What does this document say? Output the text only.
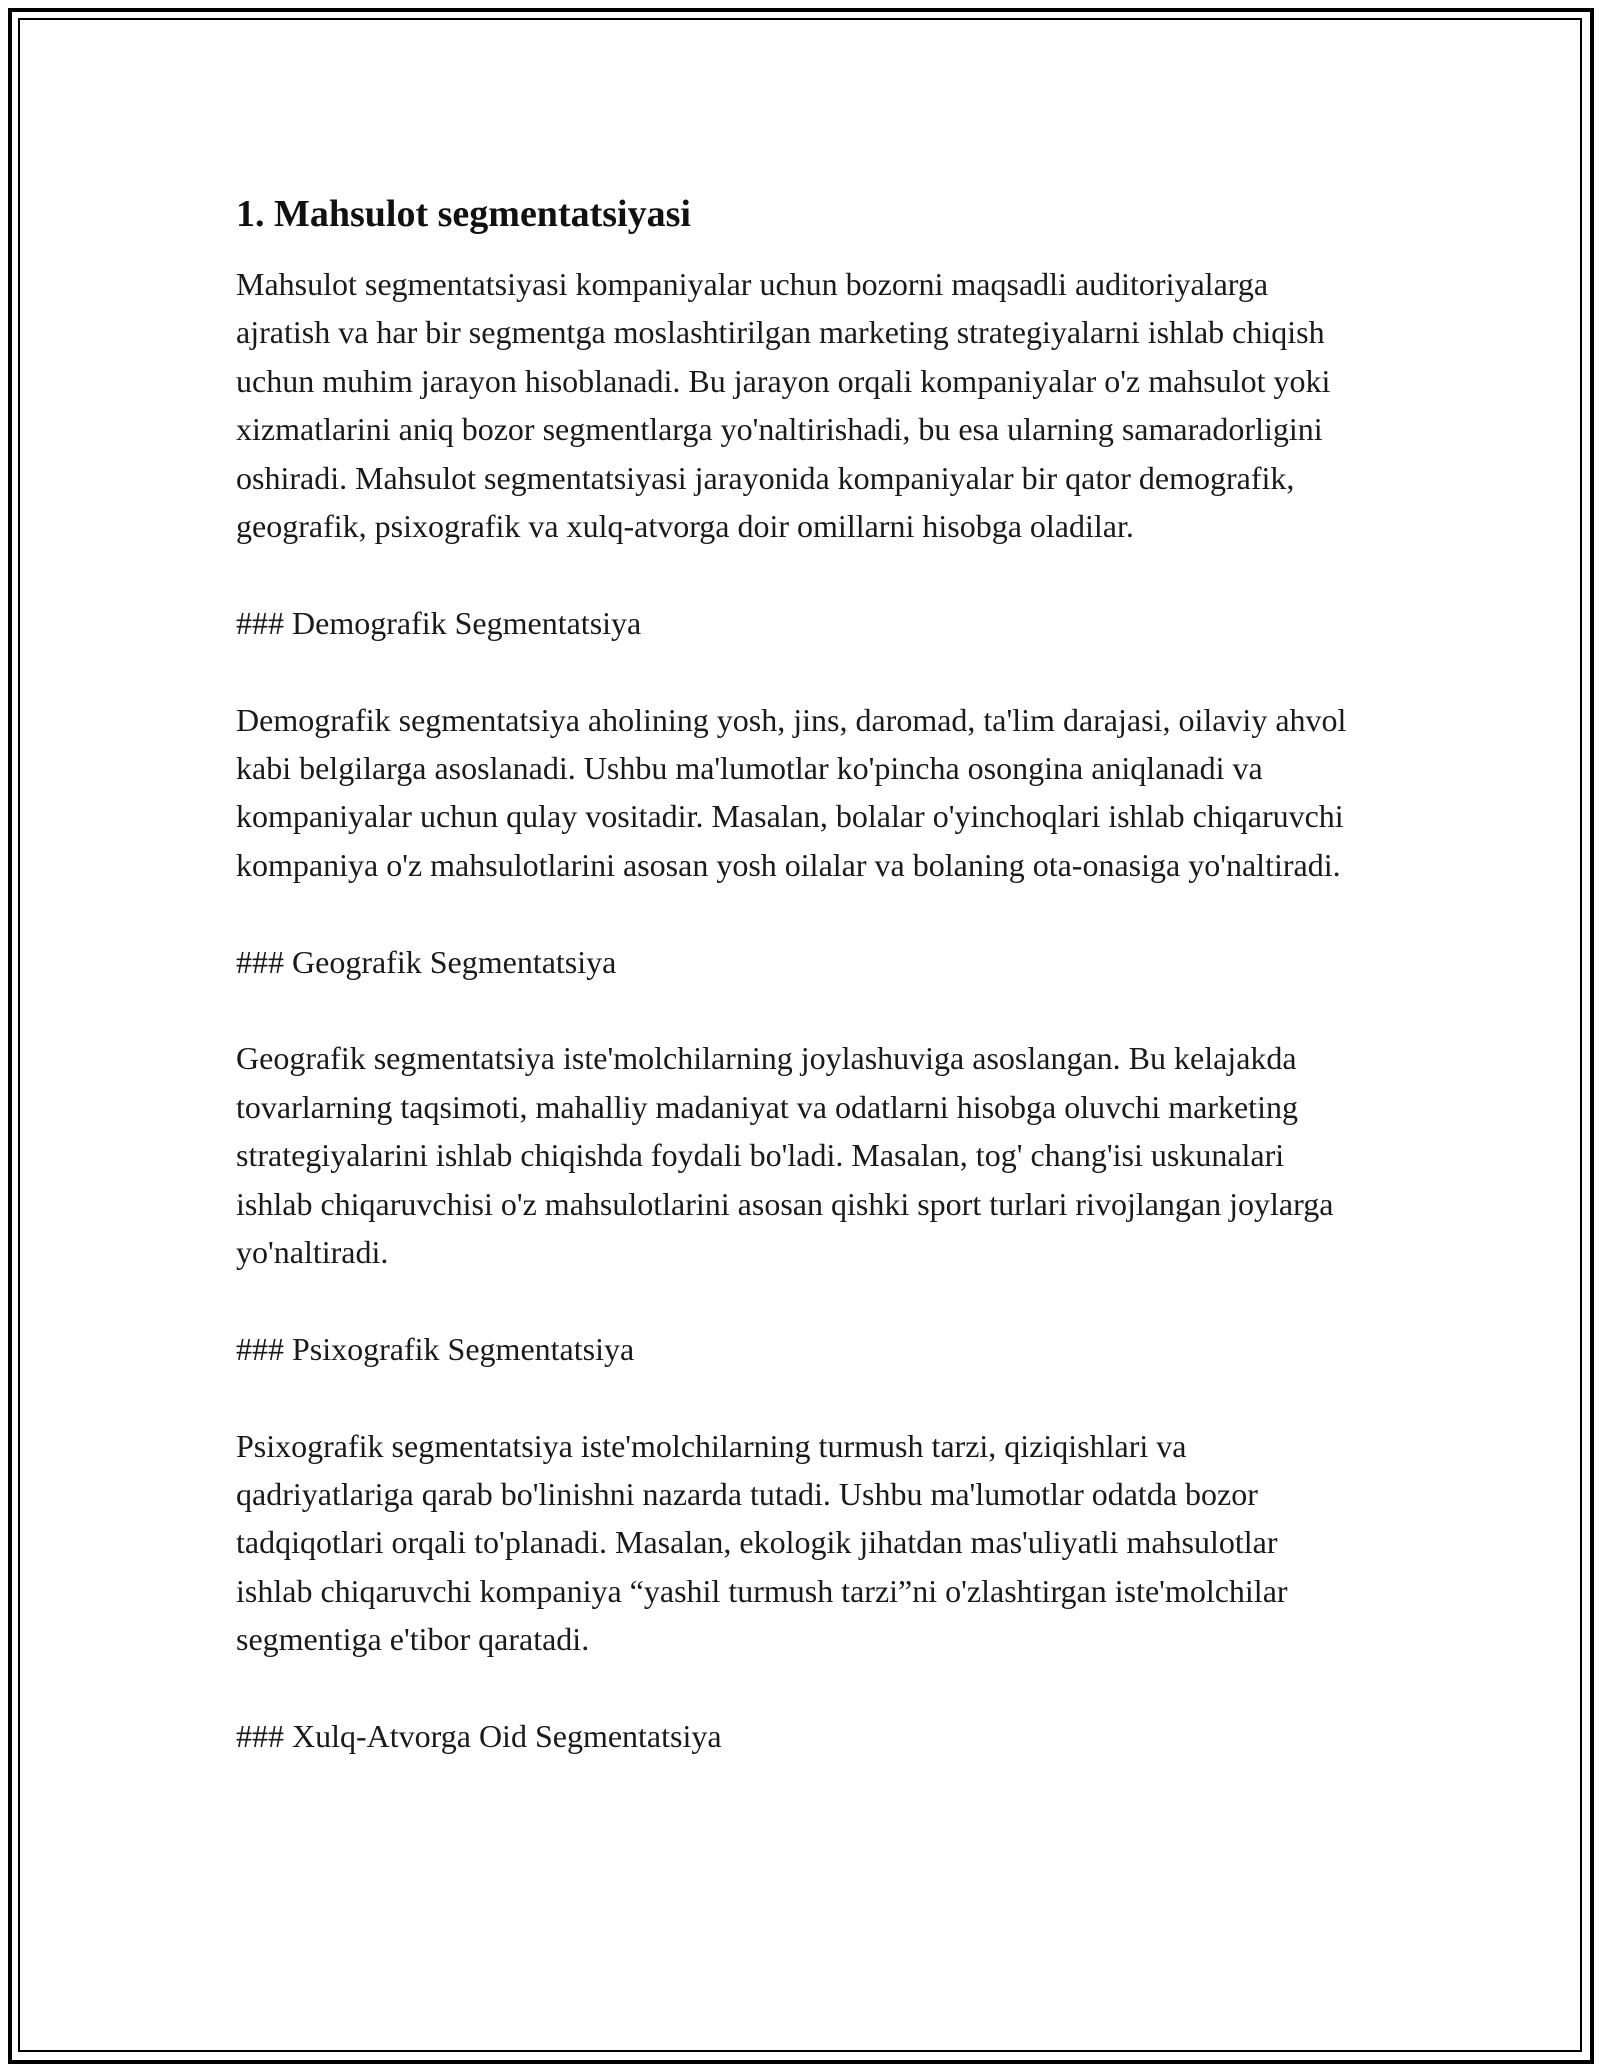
1. Mahsulot segmentatsiyasi

Mahsulot segmentatsiyasi kompaniyalar uchun bozorni maqsadli auditoriyalarga ajratish va har bir segmentga moslashtirilgan marketing strategiyalarni ishlab chiqish uchun muhim jarayon hisoblanadi. Bu jarayon orqali kompaniyalar o'z mahsulot yoki xizmatlarini aniq bozor segmentlarga yo'naltirishadi, bu esa ularning samaradorligini oshiradi. Mahsulot segmentatsiyasi jarayonida kompaniyalar bir qator demografik, geografik, psixografik va xulq-atvorga doir omillarni hisobga oladilar.

### Demografik Segmentatsiya

Demografik segmentatsiya aholining yosh, jins, daromad, ta'lim darajasi, oilaviy ahvol kabi belgilarga asoslanadi. Ushbu ma'lumotlar ko'pincha osongina aniqlanadi va kompaniyalar uchun qulay vositadir. Masalan, bolalar o'yinchoqlari ishlab chiqaruvchi kompaniya o'z mahsulotlarini asosan yosh oilalar va bolaning ota-onasiga yo'naltiradi.

### Geografik Segmentatsiya

Geografik segmentatsiya iste'molchilarning joylashuviga asoslangan. Bu kelajakda tovarlarning taqsimoti, mahalliy madaniyat va odatlarni hisobga oluvchi marketing strategiyalarini ishlab chiqishda foydali bo'ladi. Masalan, tog' chang'isi uskunalari ishlab chiqaruvchisi o'z mahsulotlarini asosan qishki sport turlari rivojlangan joylarga yo'naltiradi.

### Psixografik Segmentatsiya

Psixografik segmentatsiya iste'molchilarning turmush tarzi, qiziqishlari va qadriyatlariga qarab bo'linishni nazarda tutadi. Ushbu ma'lumotlar odatda bozor tadqiqotlari orqali to'planadi. Masalan, ekologik jihatdan mas'uliyatli mahsulotlar ishlab chiqaruvchi kompaniya “yashil turmush tarzi”ni o'zlashtirgan iste'molchilar segmentiga e'tibor qaratadi.

### Xulq-Atvorga Oid Segmentatsiya
